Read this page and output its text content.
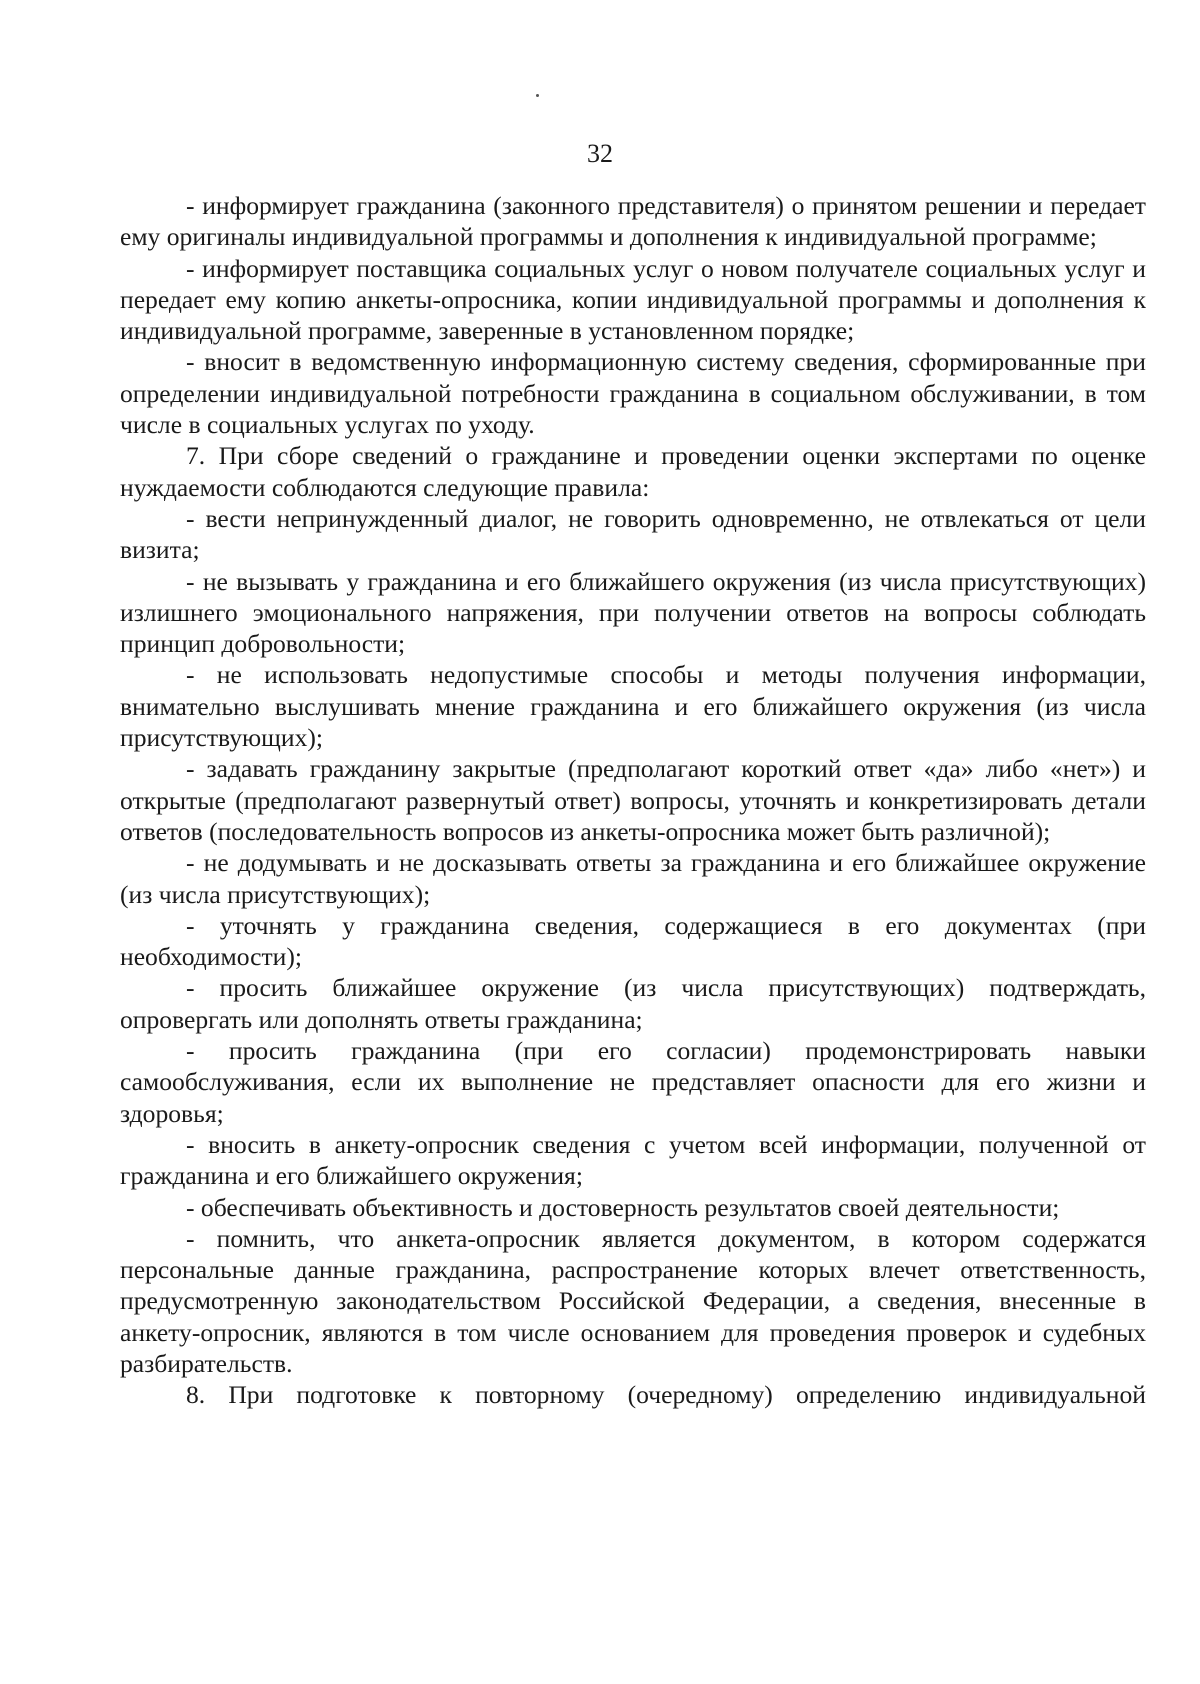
32

- информирует гражданина (законного представителя) о принятом решении и передает ему оригиналы индивидуальной программы и дополнения к индивидуальной программе;

- информирует поставщика социальных услуг о новом получателе социальных услуг и передает ему копию анкеты-опросника, копии индивидуальной программы и дополнения к индивидуальной программе, заверенные в установленном порядке;

- вносит в ведомственную информационную систему сведения, сформированные при определении индивидуальной потребности гражданина в социальном обслуживании, в том числе в социальных услугах по уходу.

7. При сборе сведений о гражданине и проведении оценки экспертами по оценке нуждаемости соблюдаются следующие правила:

- вести непринужденный диалог, не говорить одновременно, не отвлекаться от цели визита;

- не вызывать у гражданина и его ближайшего окружения (из числа присутствующих) излишнего эмоционального напряжения, при получении ответов на вопросы соблюдать принцип добровольности;

- не использовать недопустимые способы и методы получения информации, внимательно выслушивать мнение гражданина и его ближайшего окружения (из числа присутствующих);

- задавать гражданину закрытые (предполагают короткий ответ «да» либо «нет») и открытые (предполагают развернутый ответ) вопросы, уточнять и конкретизировать детали ответов (последовательность вопросов из анкеты-опросника может быть различной);

- не додумывать и не досказывать ответы за гражданина и его ближайшее окружение (из числа присутствующих);

- уточнять у гражданина сведения, содержащиеся в его документах (при необходимости);

- просить ближайшее окружение (из числа присутствующих) подтверждать, опровергать или дополнять ответы гражданина;

- просить гражданина (при его согласии) продемонстрировать навыки самообслуживания, если их выполнение не представляет опасности для его жизни и здоровья;

- вносить в анкету-опросник сведения с учетом всей информации, полученной от гражданина и его ближайшего окружения;

- обеспечивать объективность и достоверность результатов своей деятельности;

- помнить, что анкета-опросник является документом, в котором содержатся персональные данные гражданина, распространение которых влечет ответственность, предусмотренную законодательством Российской Федерации, а сведения, внесенные в анкету-опросник, являются в том числе основанием для проведения проверок и судебных разбирательств.

8. При подготовке к повторному (очередному) определению индивидуальной
